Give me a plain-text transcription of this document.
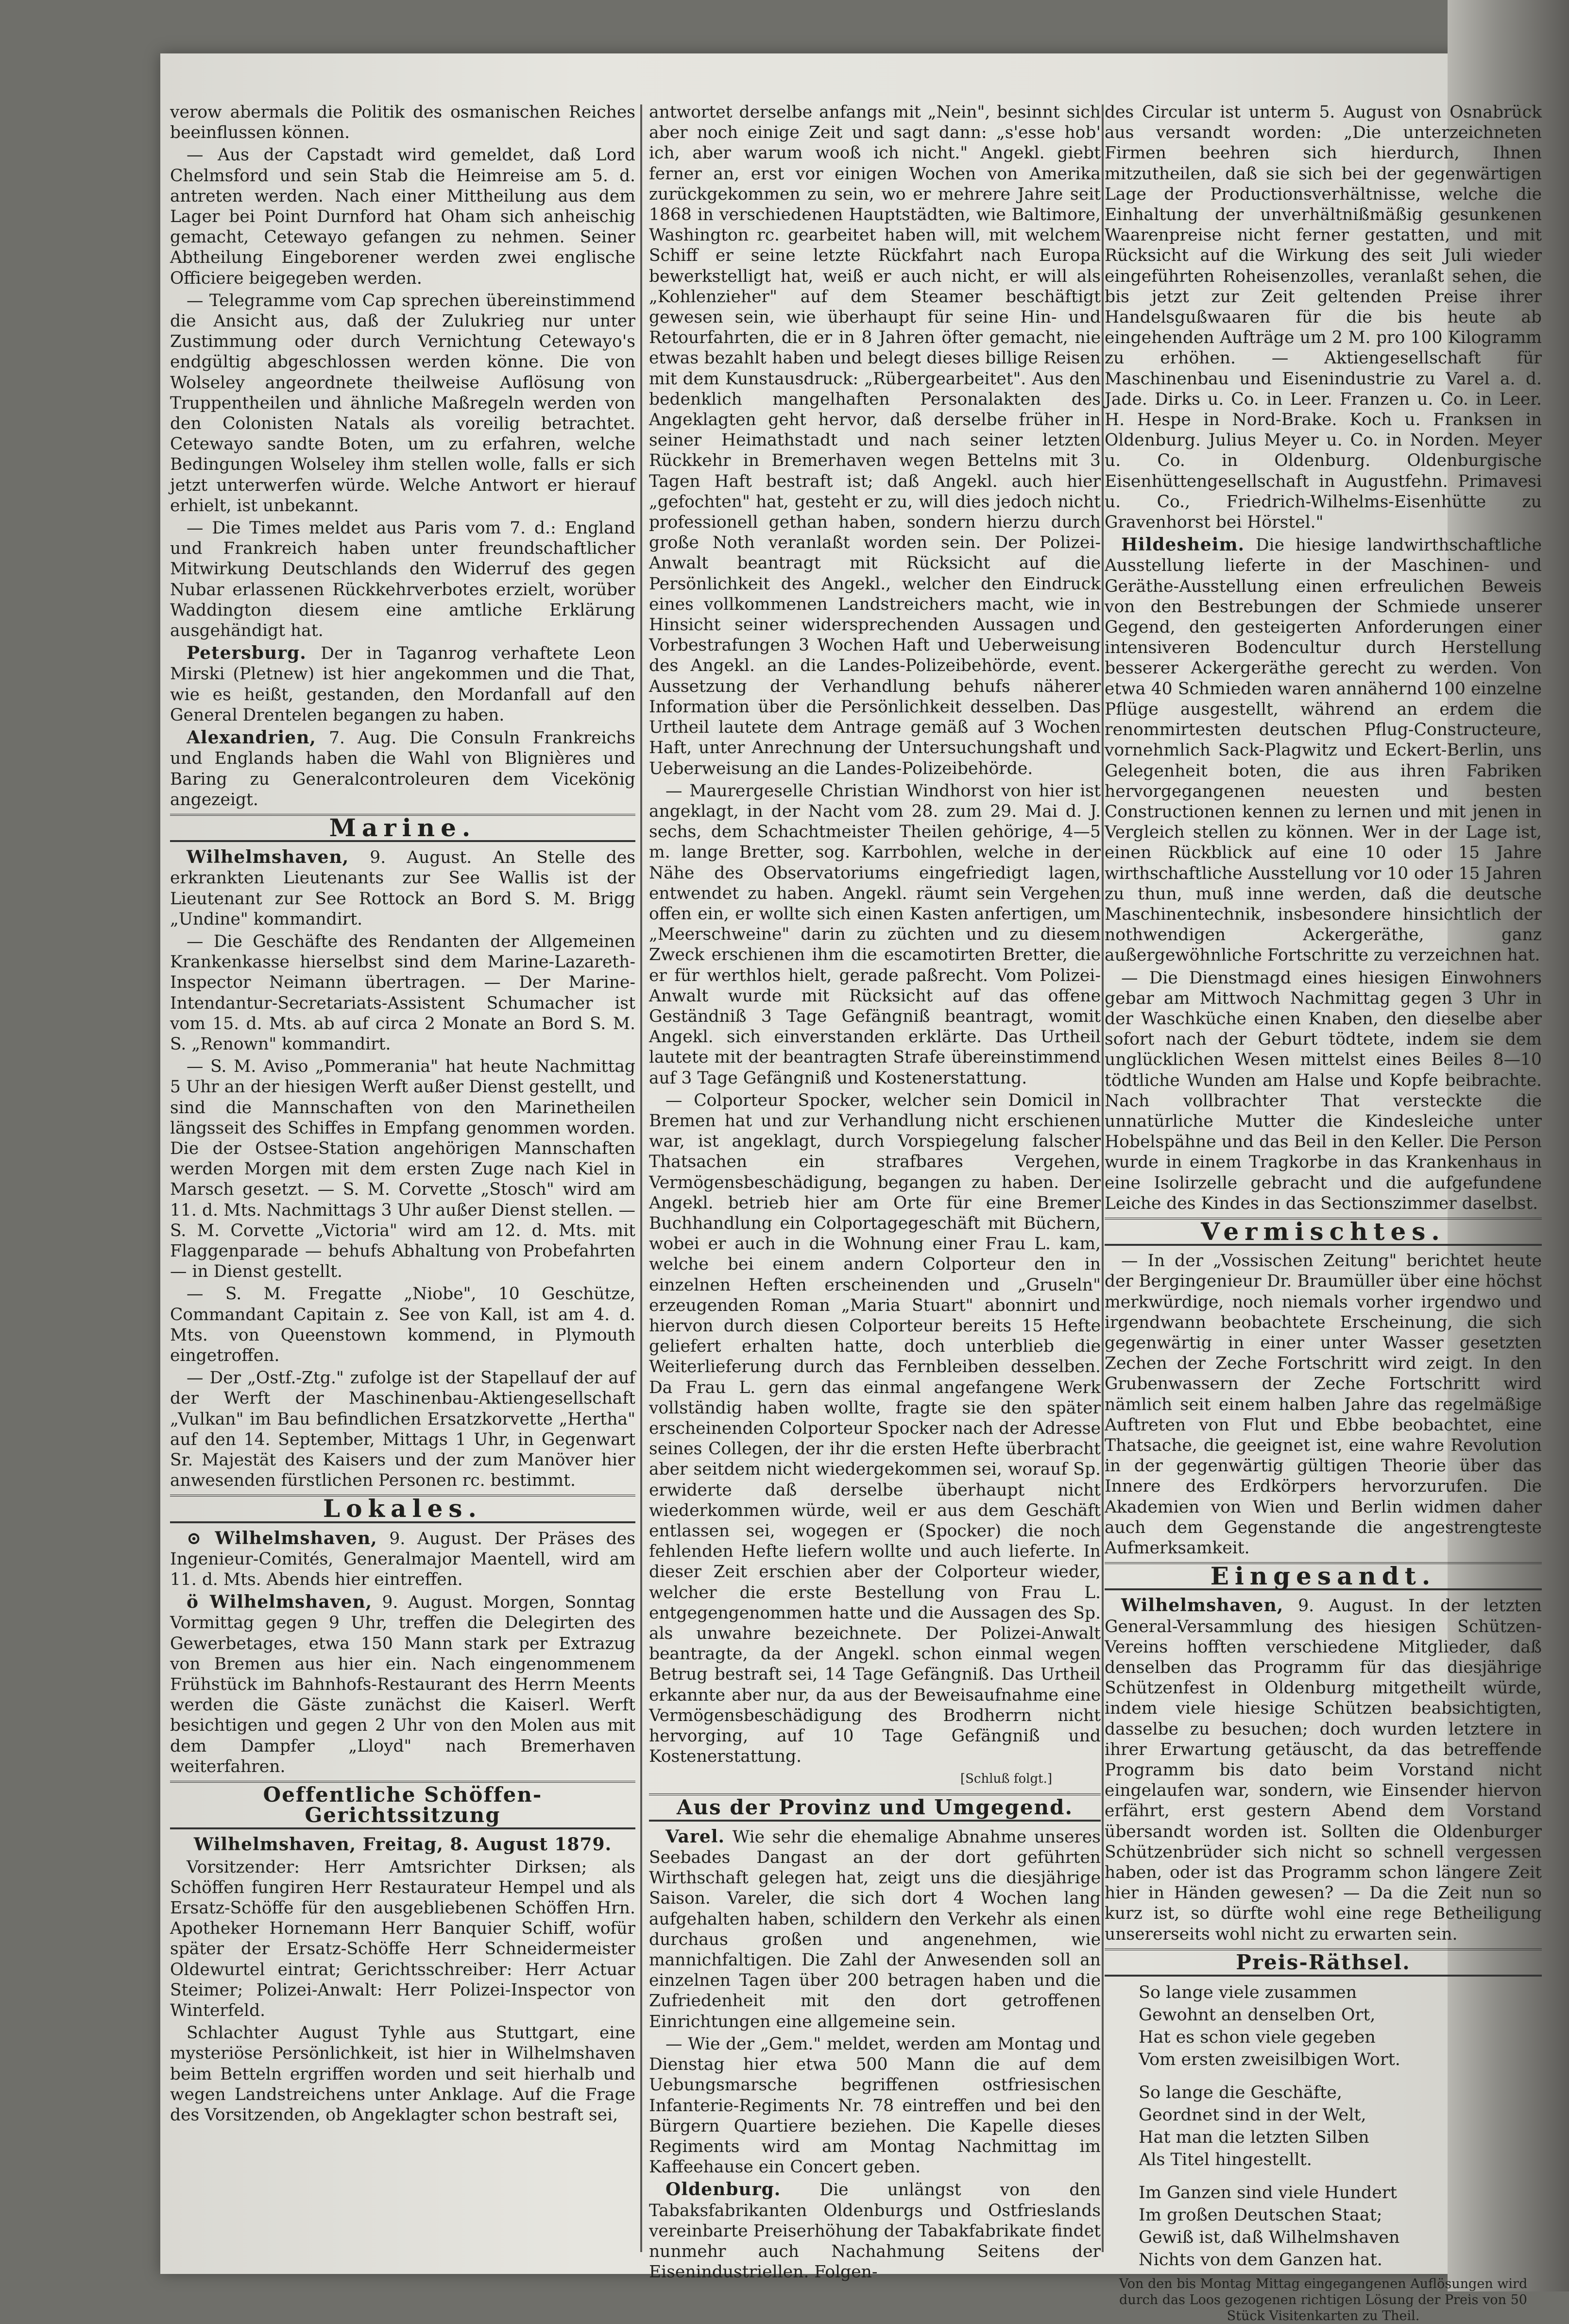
verow abermals die Politik des osmanischen Reiches beeinflussen können.

— Aus der Capstadt wird gemeldet, daß Lord Chelmsford und sein Stab die Heimreise am 5. d. antreten werden. Nach einer Mittheilung aus dem Lager bei Point Durnford hat Oham sich anheischig gemacht, Cetewayo gefangen zu nehmen. Seiner Abtheilung Eingeborener werden zwei englische Officiere beigegeben werden.

— Telegramme vom Cap sprechen übereinstimmend die Ansicht aus, daß der Zulukrieg nur unter Zustimmung oder durch Vernichtung Cetewayo's endgültig abgeschlossen werden könne. Die von Wolseley angeordnete theilweise Auflösung von Truppentheilen und ähnliche Maßregeln werden von den Colonisten Natals als voreilig betrachtet. Cetewayo sandte Boten, um zu erfahren, welche Bedingungen Wolseley ihm stellen wolle, falls er sich jetzt unterwerfen würde. Welche Antwort er hierauf erhielt, ist unbekannt.

— Die Times meldet aus Paris vom 7. d.: England und Frankreich haben unter freundschaftlicher Mitwirkung Deutschlands den Widerruf des gegen Nubar erlassenen Rückkehrverbotes erzielt, worüber Waddington diesem eine amtliche Erklärung ausgehändigt hat.

Petersburg. Der in Taganrog verhaftete Leon Mirski (Pletnew) ist hier angekommen und die That, wie es heißt, gestanden, den Mordanfall auf den General Drentelen begangen zu haben.

Alexandrien, 7. Aug. Die Consuln Frankreichs und Englands haben die Wahl von Blignières und Baring zu Generalcontroleuren dem Vicekönig angezeigt.

Marine.

Wilhelmshaven, 9. August. An Stelle des erkrankten Lieutenants zur See Wallis ist der Lieutenant zur See Rottock an Bord S. M. Brigg „Undine" kommandirt.

— Die Geschäfte des Rendanten der Allgemeinen Krankenkasse hierselbst sind dem Marine-Lazareth-Inspector Neimann übertragen. — Der Marine-Intendantur-Secretariats-Assistent Schumacher ist vom 15. d. Mts. ab auf circa 2 Monate an Bord S. M. S. „Renown" kommandirt.

— S. M. Aviso „Pommerania" hat heute Nachmittag 5 Uhr an der hiesigen Werft außer Dienst gestellt, und sind die Mannschaften von den Marinetheilen längsseit des Schiffes in Empfang genommen worden. Die der Ostsee-Station angehörigen Mannschaften werden Morgen mit dem ersten Zuge nach Kiel in Marsch gesetzt. — S. M. Corvette „Stosch" wird am 11. d. Mts. Nachmittags 3 Uhr außer Dienst stellen. — S. M. Corvette „Victoria" wird am 12. d. Mts. mit Flaggenparade — behufs Abhaltung von Probefahrten — in Dienst gestellt.

— S. M. Fregatte „Niobe", 10 Geschütze, Commandant Capitain z. See von Kall, ist am 4. d. Mts. von Queenstown kommend, in Plymouth eingetroffen.

— Der „Ostf.-Ztg." zufolge ist der Stapellauf der auf der Werft der Maschinenbau-Aktiengesellschaft „Vulkan" im Bau befindlichen Ersatzkorvette „Hertha" auf den 14. September, Mittags 1 Uhr, in Gegenwart Sr. Majestät des Kaisers und der zum Manöver hier anwesenden fürstlichen Personen rc. bestimmt.

Lokales.

⊙ Wilhelmshaven, 9. August. Der Präses des Ingenieur-Comités, Generalmajor Maentell, wird am 11. d. Mts. Abends hier eintreffen.

ö Wilhelmshaven, 9. August. Morgen, Sonntag Vormittag gegen 9 Uhr, treffen die Delegirten des Gewerbetages, etwa 150 Mann stark per Extrazug von Bremen aus hier ein. Nach eingenommenem Frühstück im Bahnhofs-Restaurant des Herrn Meents werden die Gäste zunächst die Kaiserl. Werft besichtigen und gegen 2 Uhr von den Molen aus mit dem Dampfer „Lloyd" nach Bremerhaven weiterfahren.

Oeffentliche Schöffen-Gerichtssitzung

Wilhelmshaven, Freitag, 8. August 1879.

Vorsitzender: Herr Amtsrichter Dirksen; als Schöffen fungiren Herr Restaurateur Hempel und als Ersatz-Schöffe für den ausgebliebenen Schöffen Hrn. Apotheker Hornemann Herr Banquier Schiff, wofür später der Ersatz-Schöffe Herr Schneidermeister Oldewurtel eintrat; Gerichtsschreiber: Herr Actuar Steimer; Polizei-Anwalt: Herr Polizei-Inspector von Winterfeld.

Schlachter August Tyhle aus Stuttgart, eine mysteriöse Persönlichkeit, ist hier in Wilhelmshaven beim Betteln ergriffen worden und seit hierhalb und wegen Landstreichens unter Anklage. Auf die Frage des Vorsitzenden, ob Angeklagter schon bestraft sei,

antwortet derselbe anfangs mit „Nein", besinnt sich aber noch einige Zeit und sagt dann: „s'esse hob' ich, aber warum wooß ich nicht." Angekl. giebt ferner an, erst vor einigen Wochen von Amerika zurückgekommen zu sein, wo er mehrere Jahre seit 1868 in verschiedenen Hauptstädten, wie Baltimore, Washington rc. gearbeitet haben will, mit welchem Schiff er seine letzte Rückfahrt nach Europa bewerkstelligt hat, weiß er auch nicht, er will als „Kohlenzieher" auf dem Steamer beschäftigt gewesen sein, wie überhaupt für seine Hin- und Retourfahrten, die er in 8 Jahren öfter gemacht, nie etwas bezahlt haben und belegt dieses billige Reisen mit dem Kunstausdruck: „Rübergearbeitet". Aus den bedenklich mangelhaften Personalakten des Angeklagten geht hervor, daß derselbe früher in seiner Heimathstadt und nach seiner letzten Rückkehr in Bremerhaven wegen Bettelns mit 3 Tagen Haft bestraft ist; daß Angekl. auch hier „gefochten" hat, gesteht er zu, will dies jedoch nicht professionell gethan haben, sondern hierzu durch große Noth veranlaßt worden sein. Der Polizei-Anwalt beantragt mit Rücksicht auf die Persönlichkeit des Angekl., welcher den Eindruck eines vollkommenen Landstreichers macht, wie in Hinsicht seiner widersprechenden Aussagen und Vorbestrafungen 3 Wochen Haft und Ueberweisung des Angekl. an die Landes-Polizeibehörde, event. Aussetzung der Verhandlung behufs näherer Information über die Persönlichkeit desselben. Das Urtheil lautete dem Antrage gemäß auf 3 Wochen Haft, unter Anrechnung der Untersuchungshaft und Ueberweisung an die Landes-Polizeibehörde.

— Maurergeselle Christian Windhorst von hier ist angeklagt, in der Nacht vom 28. zum 29. Mai d. J. sechs, dem Schachtmeister Theilen gehörige, 4—5 m. lange Bretter, sog. Karrbohlen, welche in der Nähe des Observatoriums eingefriedigt lagen, entwendet zu haben. Angekl. räumt sein Vergehen offen ein, er wollte sich einen Kasten anfertigen, um „Meerschweine" darin zu züchten und zu diesem Zweck erschienen ihm die escamotirten Bretter, die er für werthlos hielt, gerade paßrecht. Vom Polizei-Anwalt wurde mit Rücksicht auf das offene Geständniß 3 Tage Gefängniß beantragt, womit Angekl. sich einverstanden erklärte. Das Urtheil lautete mit der beantragten Strafe übereinstimmend auf 3 Tage Gefängniß und Kostenerstattung.

— Colporteur Spocker, welcher sein Domicil in Bremen hat und zur Verhandlung nicht erschienen war, ist angeklagt, durch Vorspiegelung falscher Thatsachen ein strafbares Vergehen, Vermögensbeschädigung, begangen zu haben. Der Angekl. betrieb hier am Orte für eine Bremer Buchhandlung ein Colportagegeschäft mit Büchern, wobei er auch in die Wohnung einer Frau L. kam, welche bei einem andern Colporteur den in einzelnen Heften erscheinenden und „Gruseln" erzeugenden Roman „Maria Stuart" abonnirt und hiervon durch diesen Colporteur bereits 15 Hefte geliefert erhalten hatte, doch unterblieb die Weiterlieferung durch das Fernbleiben desselben. Da Frau L. gern das einmal angefangene Werk vollständig haben wollte, fragte sie den später erscheinenden Colporteur Spocker nach der Adresse seines Collegen, der ihr die ersten Hefte überbracht aber seitdem nicht wiedergekommen sei, worauf Sp. erwiderte daß derselbe überhaupt nicht wiederkommen würde, weil er aus dem Geschäft entlassen sei, wogegen er (Spocker) die noch fehlenden Hefte liefern wollte und auch lieferte. In dieser Zeit erschien aber der Colporteur wieder, welcher die erste Bestellung von Frau L. entgegengenommen hatte und die Aussagen des Sp. als unwahre bezeichnete. Der Polizei-Anwalt beantragte, da der Angekl. schon einmal wegen Betrug bestraft sei, 14 Tage Gefängniß. Das Urtheil erkannte aber nur, da aus der Beweisaufnahme eine Vermögensbeschädigung des Brodherrn nicht hervorging, auf 10 Tage Gefängniß und Kostenerstattung.

[Schluß folgt.]
Aus der Provinz und Umgegend.

Varel. Wie sehr die ehemalige Abnahme unseres Seebades Dangast an der dort geführten Wirthschaft gelegen hat, zeigt uns die diesjährige Saison. Vareler, die sich dort 4 Wochen lang aufgehalten haben, schildern den Verkehr als einen durchaus großen und angenehmen, wie mannichfaltigen. Die Zahl der Anwesenden soll an einzelnen Tagen über 200 betragen haben und die Zufriedenheit mit den dort getroffenen Einrichtungen eine allgemeine sein.

— Wie der „Gem." meldet, werden am Montag und Dienstag hier etwa 500 Mann die auf dem Uebungsmarsche begriffenen ostfriesischen Infanterie-Regiments Nr. 78 eintreffen und bei den Bürgern Quartiere beziehen. Die Kapelle dieses Regiments wird am Montag Nachmittag im Kaffeehause ein Concert geben.

Oldenburg. Die unlängst von den Tabaksfabrikanten Oldenburgs und Ostfrieslands vereinbarte Preiserhöhung der Tabakfabrikate findet nunmehr auch Nachahmung Seitens der Eisenindustriellen. Folgen-

des Circular ist unterm 5. August von Osnabrück aus versandt worden: „Die unterzeichneten Firmen beehren sich hierdurch, Ihnen mitzutheilen, daß sie sich bei der gegenwärtigen Lage der Productionsverhältnisse, welche die Einhaltung der unverhältnißmäßig gesunkenen Waarenpreise nicht ferner gestatten, und mit Rücksicht auf die Wirkung des seit Juli wieder eingeführten Roheisenzolles, veranlaßt sehen, die bis jetzt zur Zeit geltenden Preise ihrer Handelsgußwaaren für die bis heute ab eingehenden Aufträge um 2 M. pro 100 Kilogramm zu erhöhen. — Aktiengesellschaft für Maschinenbau und Eisenindustrie zu Varel a. d. Jade. Dirks u. Co. in Leer. Franzen u. Co. in Leer. H. Hespe in Nord-Brake. Koch u. Franksen in Oldenburg. Julius Meyer u. Co. in Norden. Meyer u. Co. in Oldenburg. Oldenburgische Eisenhüttengesellschaft in Augustfehn. Primavesi u. Co., Friedrich-Wilhelms-Eisenhütte zu Gravenhorst bei Hörstel."

Hildesheim. Die hiesige landwirthschaftliche Ausstellung lieferte in der Maschinen- und Geräthe-Ausstellung einen erfreulichen Beweis von den Bestrebungen der Schmiede unserer Gegend, den gesteigerten Anforderungen einer intensiveren Bodencultur durch Herstellung besserer Ackergeräthe gerecht zu werden. Von etwa 40 Schmieden waren annähernd 100 einzelne Pflüge ausgestellt, während an erdem die renommirtesten deutschen Pflug-Constructeure, vornehmlich Sack-Plagwitz und Eckert-Berlin, uns Gelegenheit boten, die aus ihren Fabriken hervorgegangenen neuesten und besten Constructionen kennen zu lernen und mit jenen in Vergleich stellen zu können. Wer in der Lage ist, einen Rückblick auf eine 10 oder 15 Jahre wirthschaftliche Ausstellung vor 10 oder 15 Jahren zu thun, muß inne werden, daß die deutsche Maschinentechnik, insbesondere hinsichtlich der nothwendigen Ackergeräthe, ganz außergewöhnliche Fortschritte zu verzeichnen hat.

— Die Dienstmagd eines hiesigen Einwohners gebar am Mittwoch Nachmittag gegen 3 Uhr in der Waschküche einen Knaben, den dieselbe aber sofort nach der Geburt tödtete, indem sie dem unglücklichen Wesen mittelst eines Beiles 8—10 tödtliche Wunden am Halse und Kopfe beibrachte. Nach vollbrachter That versteckte die unnatürliche Mutter die Kindesleiche unter Hobelspähne und das Beil in den Keller. Die Person wurde in einem Tragkorbe in das Krankenhaus in eine Isolirzelle gebracht und die aufgefundene Leiche des Kindes in das Sectionszimmer daselbst.

Vermischtes.

— In der „Vossischen Zeitung" berichtet heute der Bergingenieur Dr. Braumüller über eine höchst merkwürdige, noch niemals vorher irgendwo und irgendwann beobachtete Erscheinung, die sich gegenwärtig in einer unter Wasser gesetzten Zechen der Zeche Fortschritt wird zeigt. In den Grubenwassern der Zeche Fortschritt wird nämlich seit einem halben Jahre das regelmäßige Auftreten von Flut und Ebbe beobachtet, eine Thatsache, die geeignet ist, eine wahre Revolution in der gegenwärtig gültigen Theorie über das Innere des Erdkörpers hervorzurufen. Die Akademien von Wien und Berlin widmen daher auch dem Gegenstande die angestrengteste Aufmerksamkeit.

Eingesandt.

Wilhelmshaven, 9. August. In der letzten General-Versammlung des hiesigen Schützen-Vereins hofften verschiedene Mitglieder, daß denselben das Programm für das diesjährige Schützenfest in Oldenburg mitgetheilt würde, indem viele hiesige Schützen beabsichtigten, dasselbe zu besuchen; doch wurden letztere in ihrer Erwartung getäuscht, da das betreffende Programm bis dato beim Vorstand nicht eingelaufen war, sondern, wie Einsender hiervon erfährt, erst gestern Abend dem Vorstand übersandt worden ist. Sollten die Oldenburger Schützenbrüder sich nicht so schnell vergessen haben, oder ist das Programm schon längere Zeit hier in Händen gewesen? — Da die Zeit nun so kurz ist, so dürfte wohl eine rege Betheiligung unsererseits wohl nicht zu erwarten sein.

Preis-Räthsel.
So lange viele zusammen
Gewohnt an denselben Ort,
Hat es schon viele gegeben
Vom ersten zweisilbigen Wort.
So lange die Geschäfte,
Geordnet sind in der Welt,
Hat man die letzten Silben
Als Titel hingestellt.
Im Ganzen sind viele Hundert
Im großen Deutschen Staat;
Gewiß ist, daß Wilhelmshaven
Nichts von dem Ganzen hat.
Von den bis Montag Mittag eingegangenen Auflösungen wird durch das Loos gezogenen richtigen Lösung der Preis von 50 Stück Visitenkarten zu Theil.
